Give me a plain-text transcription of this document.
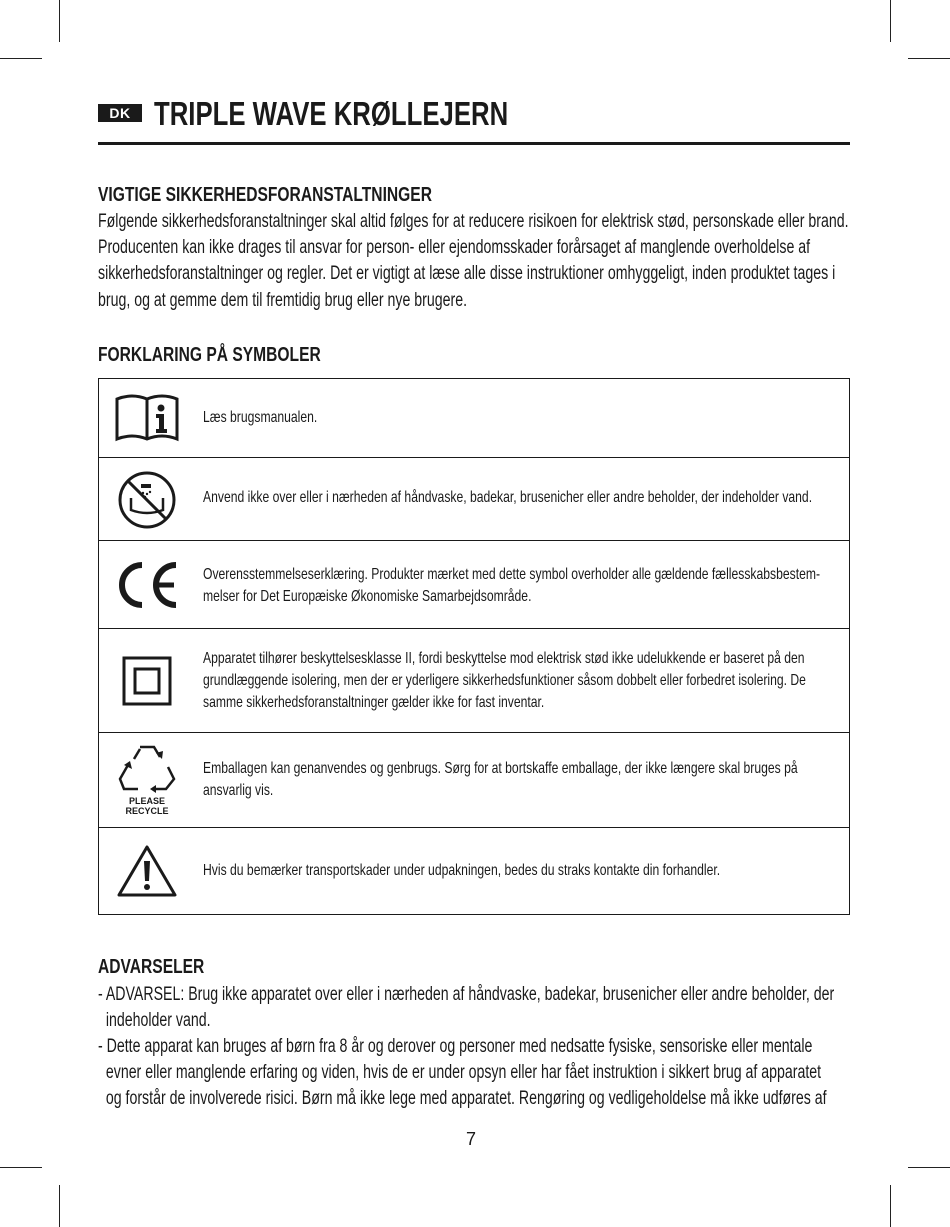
DK TRIPLE WAVE KRØLLEJERN
VIGTIGE SIKKERHEDSFORANSTALTNINGER
Følgende sikkerhedsforanstaltninger skal altid følges for at reducere risikoen for elektrisk stød, personskade eller brand.
Producenten kan ikke drages til ansvar for person- eller ejendomsskader forårsaget af manglende overholdelse af
sikkerhedsforanstaltninger og regler. Det er vigtigt at læse alle disse instruktioner omhyggeligt, inden produktet tages i
brug, og at gemme dem til fremtidig brug eller nye brugere.
FORKLARING PÅ SYMBOLER
Læs brugsmanualen.
Anvend ikke over eller i nærheden af håndvaske, badekar, brusenicher eller andre beholder, der indeholder vand.
Overensstemmelseserklæring. Produkter mærket med dette symbol overholder alle gældende fællesskabsbestem-
melser for Det Europæiske Økonomiske Samarbejdsområde.
Apparatet tilhører beskyttelsesklasse II, fordi beskyttelse mod elektrisk stød ikke udelukkende er baseret på den
grundlæggende isolering, men der er yderligere sikkerhedsfunktioner såsom dobbelt eller forbedret isolering. De
samme sikkerhedsforanstaltninger gælder ikke for fast inventar.
PLEASE
RECYCLE
Emballagen kan genanvendes og genbrugs. Sørg for at bortskaffe emballage, der ikke længere skal bruges på
ansvarlig vis.
Hvis du bemærker transportskader under udpakningen, bedes du straks kontakte din forhandler.
ADVARSELER
- ADVARSEL: Brug ikke apparatet over eller i nærheden af håndvaske, badekar, brusenicher eller andre beholder, der
indeholder vand.
- Dette apparat kan bruges af børn fra 8 år og derover og personer med nedsatte fysiske, sensoriske eller mentale
evner eller manglende erfaring og viden, hvis de er under opsyn eller har fået instruktion i sikkert brug af apparatet
og forstår de involverede risici. Børn må ikke lege med apparatet. Rengøring og vedligeholdelse må ikke udføres af
7
